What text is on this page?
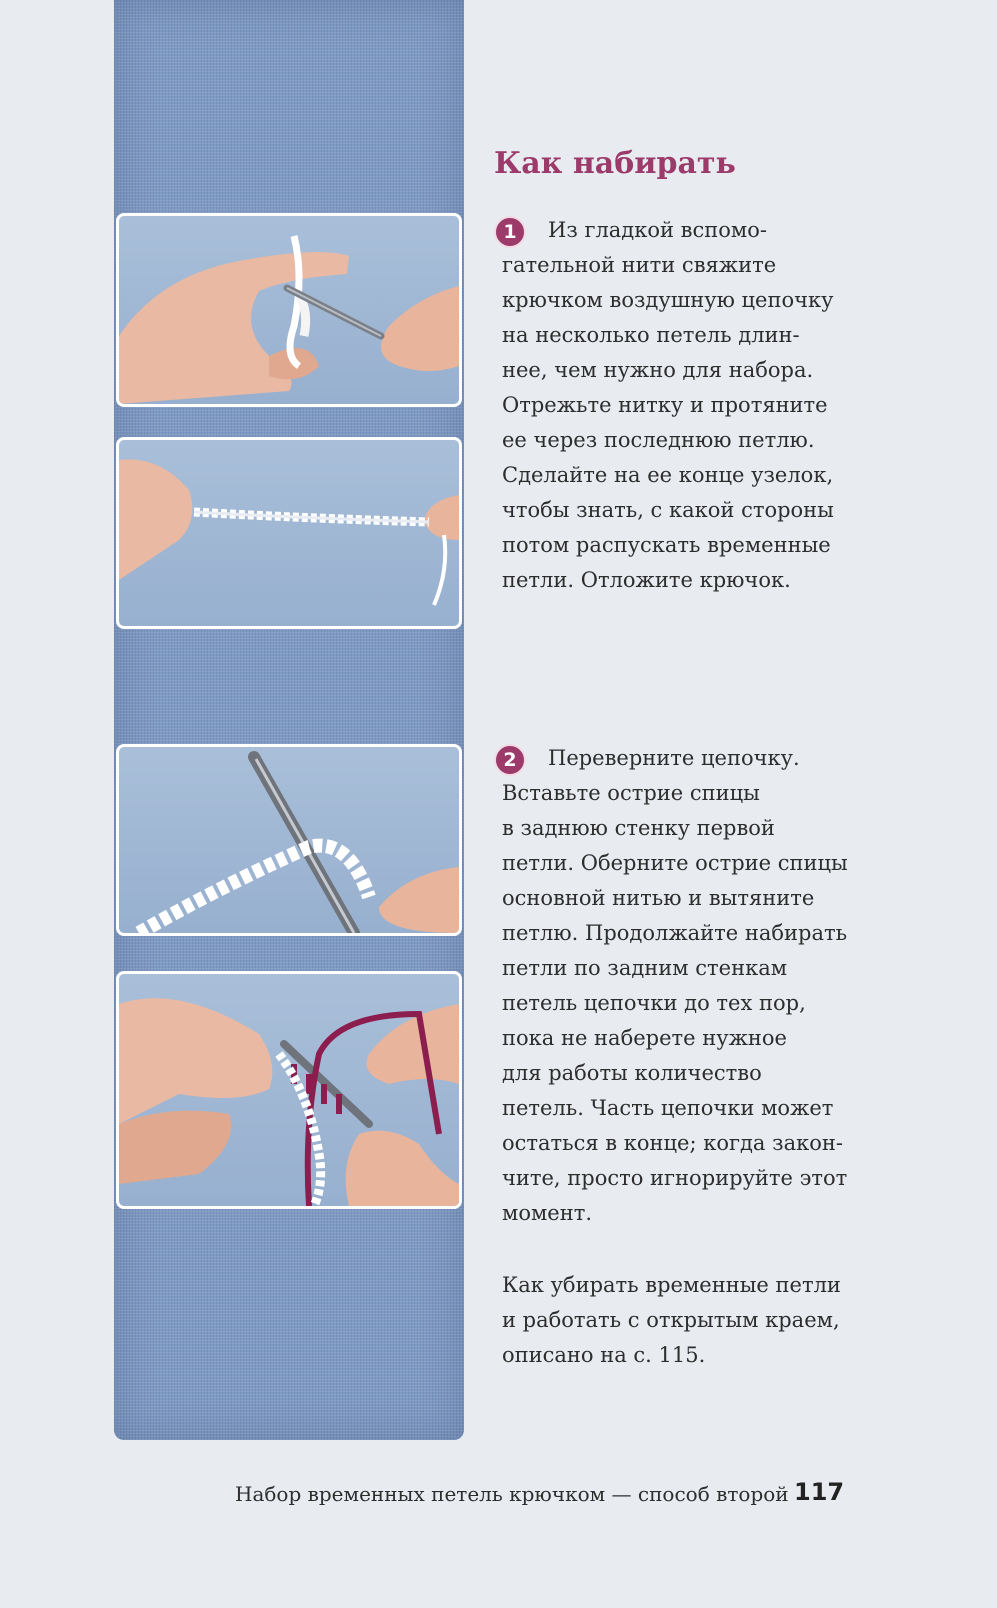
Как набирать
1	Из гладкой вспомо-
гательной нити свяжите
крючком воздушную цепочку
на несколько петель длин-
нее, чем нужно для набора.
Отрежьте нитку и протяните
ее через последнюю петлю.
Сделайте на ее конце узелок,
чтобы знать, с какой стороны
потом распускать временные
петли. Отложите крючок.

2	Переверните цепочку.
Вставьте острие спицы
в заднюю стенку первой
петли. Оберните острие спицы
основной нитью и вытяните
петлю. Продолжайте набирать
петли по задним стенкам
петель цепочки до тех пор,
пока не наберете нужное
для работы количество
петель. Часть цепочки может
остаться в конце; когда закон-
чите, просто игнорируйте этот
момент.

Как убирать временные петли
и работать с открытым краем,
описано на с. 115.

Набор временных петель крючком — способ второй 117
